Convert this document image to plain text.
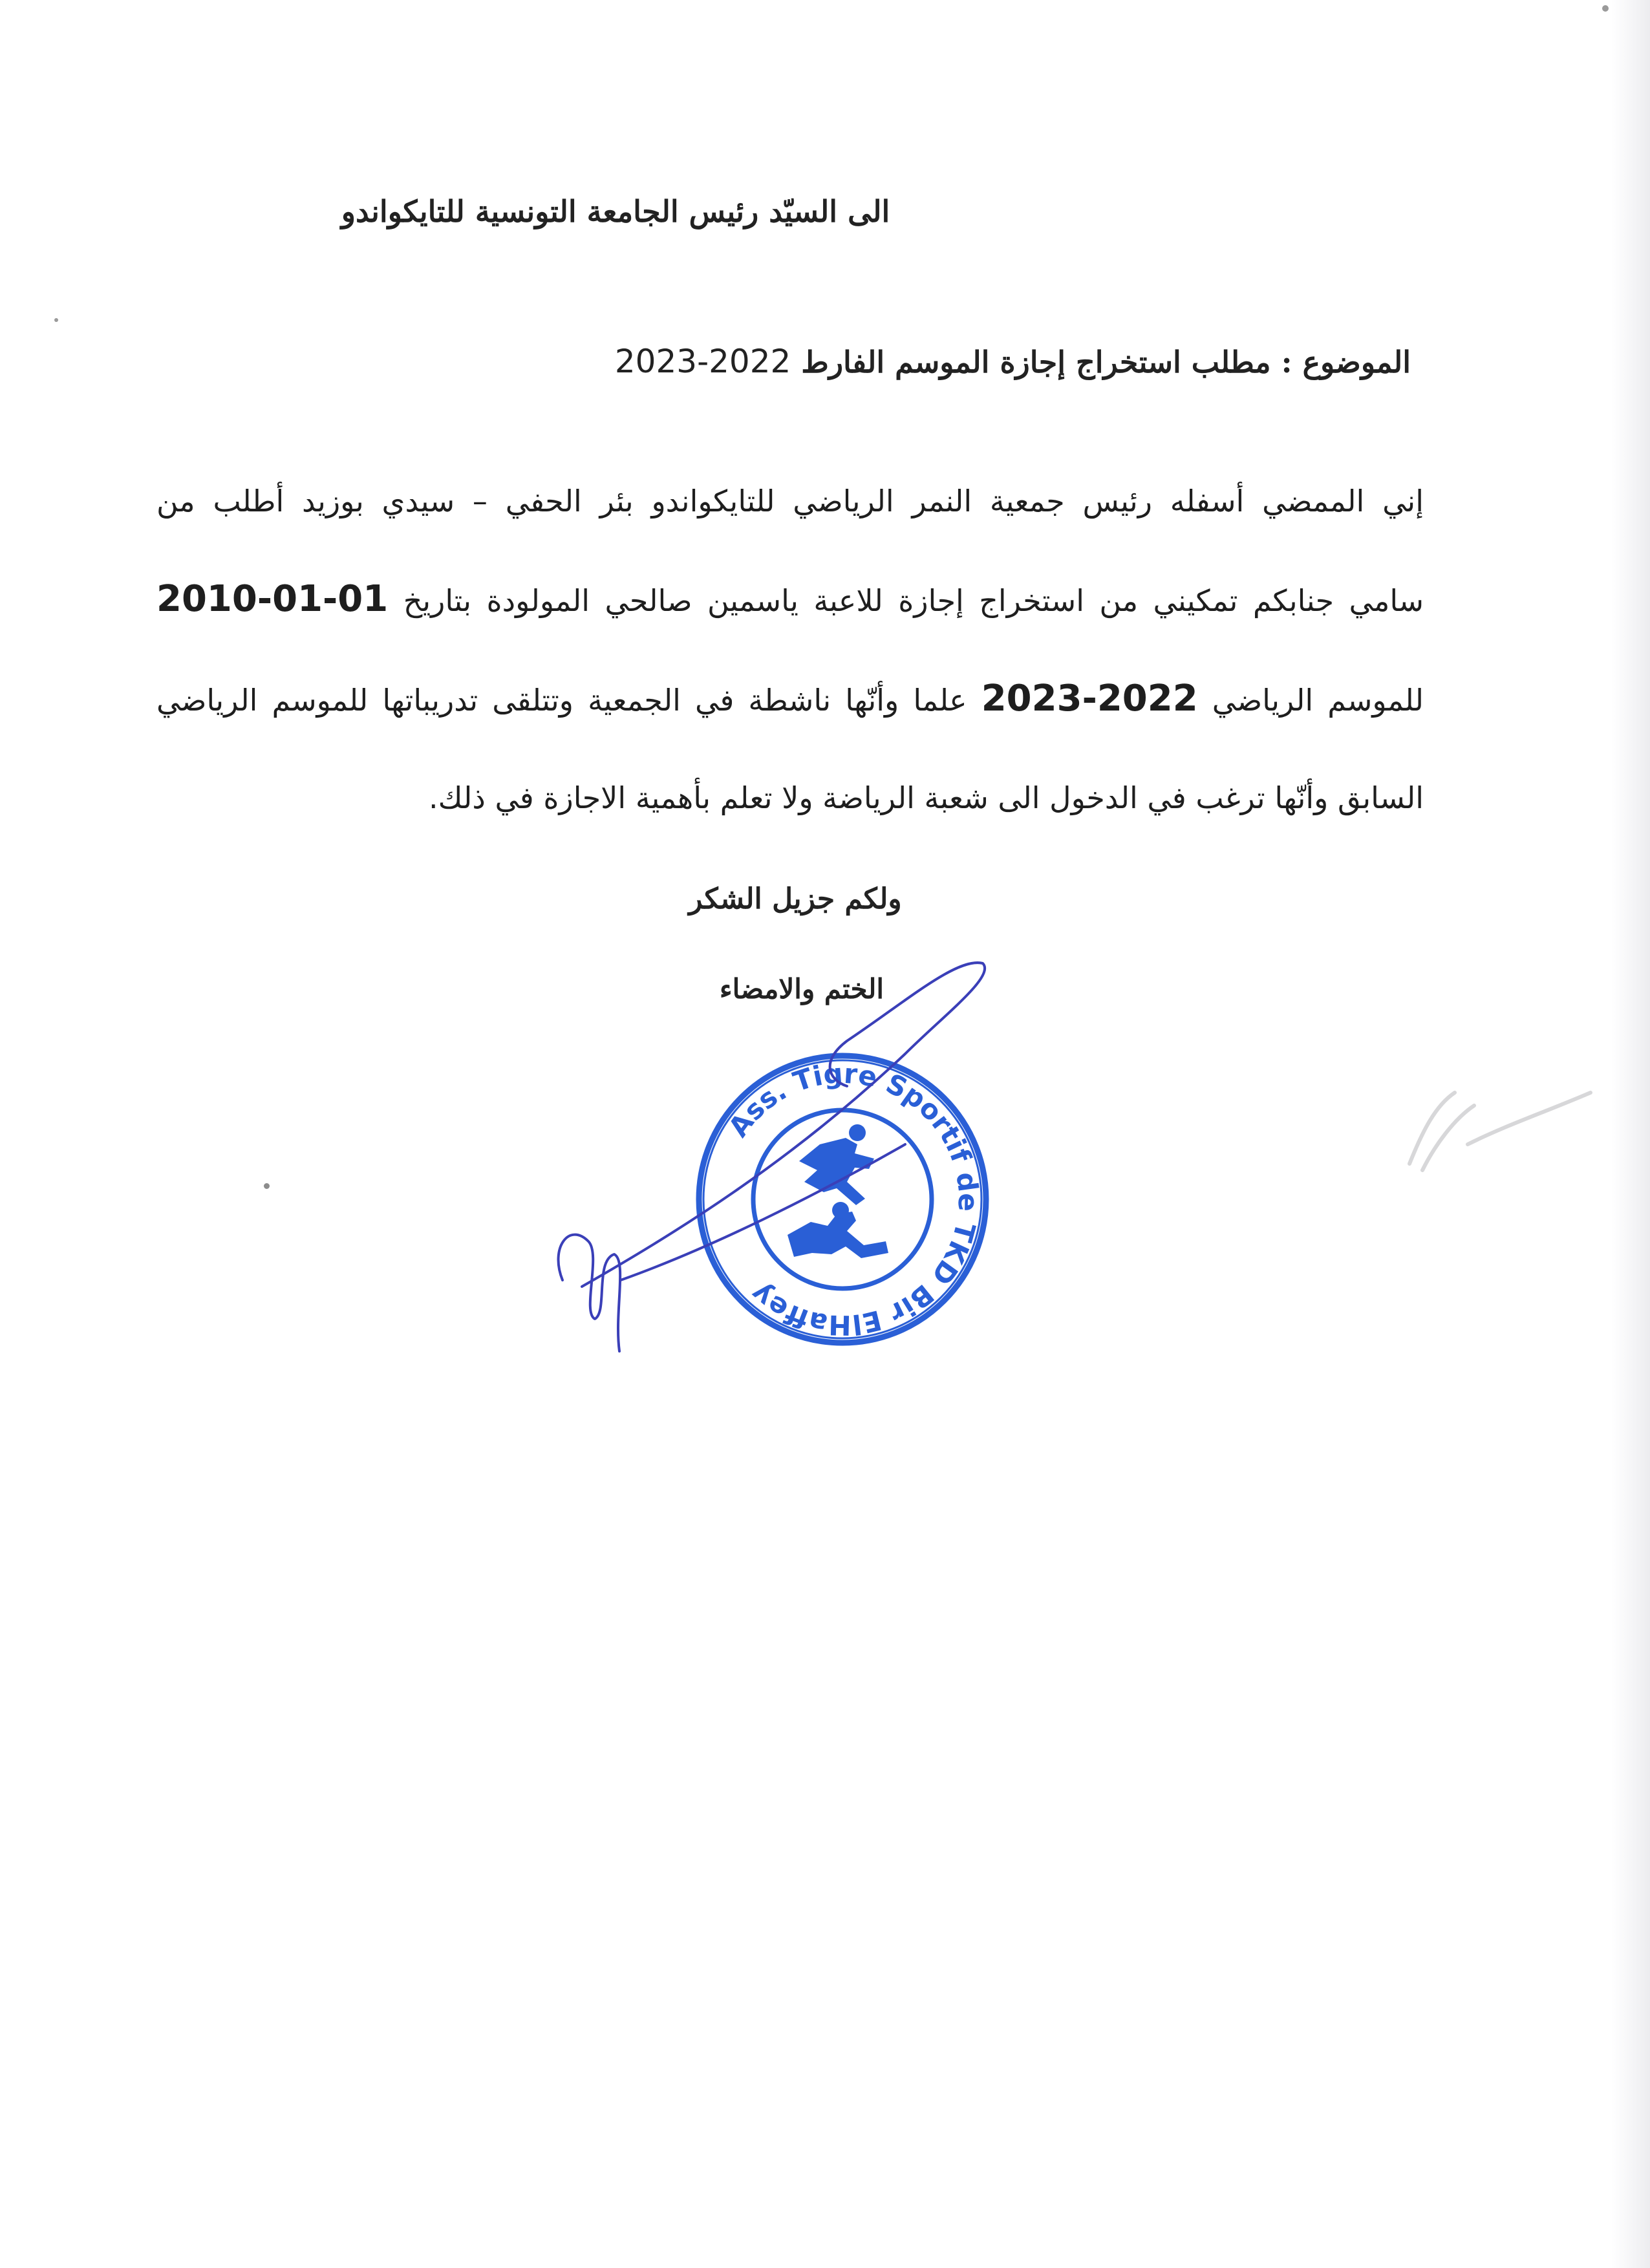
الى السيّد رئيس الجامعة التونسية للتايكواندو
الموضوع : مطلب استخراج إجازة الموسم الفارط 2022-2023
إني الممضي أسفله رئيس جمعية النمر الرياضي للتايكواندو بئر الحفي – سيدي بوزيد أطلب من
سامي جنابكم تمكيني من استخراج إجازة للاعبة ياسمين صالحي المولودة بتاريخ 01-01-2010
للموسم الرياضي 2022-2023 علما وأنّها ناشطة في الجمعية وتتلقى تدريباتها للموسم الرياضي
السابق وأنّها ترغب في الدخول الى شعبة الرياضة ولا تعلم بأهمية الاجازة في ذلك.
ولكم جزيل الشكر
الختم والامضاء
Ass. Tigre Sportif de TKD Bir ElHaffey
